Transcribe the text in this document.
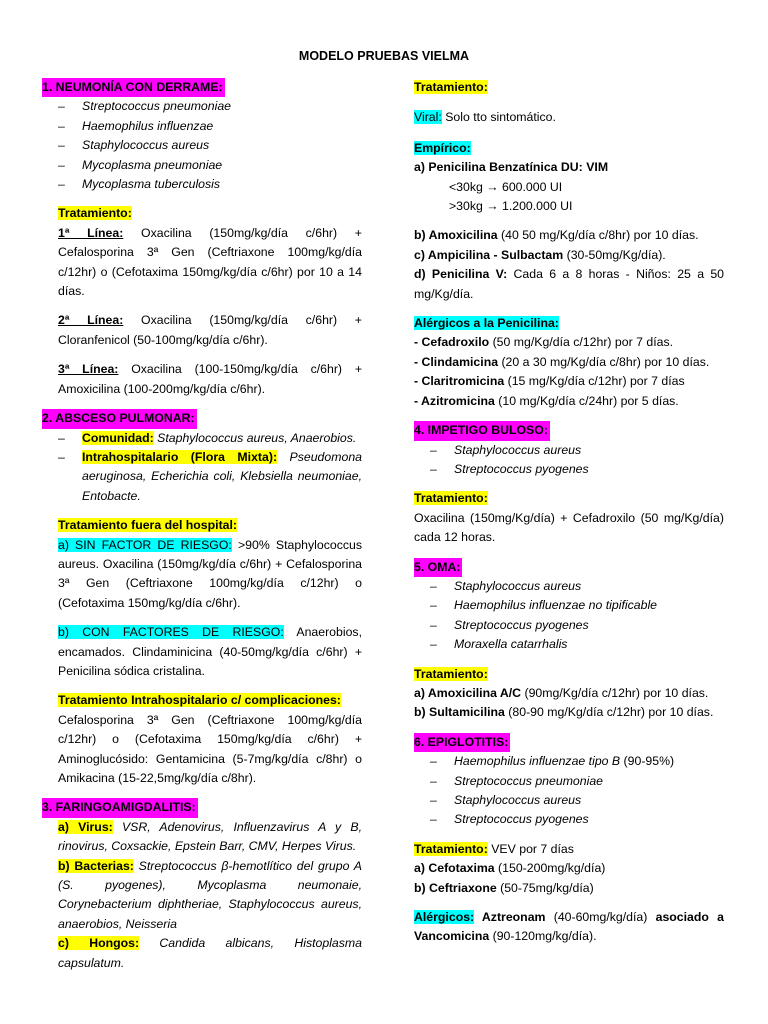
MODELO PRUEBAS VIELMA
1. NEUMONÍA CON DERRAME:
– Streptococcus pneumoniae
– Haemophilus influenzae
– Staphylococcus aureus
– Mycoplasma pneumoniae
– Mycoplasma tuberculosis
Tratamiento:
1ª Línea: Oxacilina (150mg/kg/día c/6hr) + Cefalosporina 3ª Gen (Ceftriaxone 100mg/kg/día c/12hr) o (Cefotaxima 150mg/kg/día c/6hr) por 10 a 14 días.
2ª Línea: Oxacilina (150mg/kg/día c/6hr) + Cloranfenicol (50-100mg/kg/día c/6hr).
3ª Línea: Oxacilina (100-150mg/kg/día c/6hr) + Amoxicilina (100-200mg/kg/día c/6hr).
2. ABSCESO PULMONAR:
– Comunidad: Staphylococcus aureus, Anaerobios.
– Intrahospitalario (Flora Mixta): Pseudomona aeruginosa, Echerichia coli, Klebsiella neumoniae, Entobacte.
Tratamiento fuera del hospital:
a) SIN FACTOR DE RIESGO: >90% Staphylococcus aureus. Oxacilina (150mg/kg/día c/6hr) + Cefalosporina 3ª Gen (Ceftriaxone 100mg/kg/día c/12hr) o (Cefotaxima 150mg/kg/día c/6hr).
b) CON FACTORES DE RIESGO: Anaerobios, encamados. Clindaminicina (40-50mg/kg/día c/6hr) + Penicilina sódica cristalina.
Tratamiento Intrahospitalario c/ complicaciones:
Cefalosporina 3ª Gen (Ceftriaxone 100mg/kg/día c/12hr) o (Cefotaxima 150mg/kg/día c/6hr) + Aminoglucósido: Gentamicina (5-7mg/kg/día c/8hr) o Amikacina (15-22,5mg/kg/día c/8hr).
3. FARINGOAMIGDALITIS:
a) Virus: VSR, Adenovirus, Influenzavirus A y B, rinovirus, Coxsackie, Epstein Barr, CMV, Herpes Virus.
b) Bacterias: Streptococcus β-hemotlítico del grupo A (S. pyogenes), Mycoplasma neumonaie, Corynebacterium diphtheriae, Staphylococcus aureus, anaerobios, Neisseria
c) Hongos: Candida albicans, Histoplasma capsulatum.
Tratamiento:
Viral: Solo tto sintomático.
Empírico:
a) Penicilina Benzatínica DU: VIM
<30kg → 600.000 UI
>30kg → 1.200.000 UI
b) Amoxicilina (40 50 mg/Kg/día c/8hr) por 10 días.
c) Ampicilina - Sulbactam (30-50mg/Kg/día).
d) Penicilina V: Cada 6 a 8 horas - Niños: 25 a 50 mg/Kg/día.
Alérgicos a la Penicilina:
- Cefadroxilo (50 mg/Kg/día c/12hr) por 7 días.
- Clindamicina (20 a 30 mg/Kg/día c/8hr) por 10 días.
- Claritromicina (15 mg/Kg/día c/12hr) por 7 días
- Azitromicina (10 mg/Kg/día c/24hr) por 5 días.
4. IMPETIGO BULOSO:
– Staphylococcus aureus
– Streptococcus pyogenes
Tratamiento:
Oxacilina (150mg/Kg/día) + Cefadroxilo (50 mg/Kg/día) cada 12 horas.
5. OMA:
– Staphylococcus aureus
– Haemophilus influenzae no tipificable
– Streptococcus pyogenes
– Moraxella catarrhalis
Tratamiento:
a) Amoxicilina A/C (90mg/Kg/día c/12hr) por 10 días.
b) Sultamicilina (80-90 mg/Kg/día c/12hr) por 10 días.
6. EPIGLOTITIS:
– Haemophilus influenzae tipo B (90-95%)
– Streptococcus pneumoniae
– Staphylococcus aureus
– Streptococcus pyogenes
Tratamiento: VEV por 7 días
a) Cefotaxima (150-200mg/kg/día)
b) Ceftriaxone (50-75mg/kg/día)
Alérgicos: Aztreonam (40-60mg/kg/día) asociado a Vancomicina (90-120mg/kg/día).
